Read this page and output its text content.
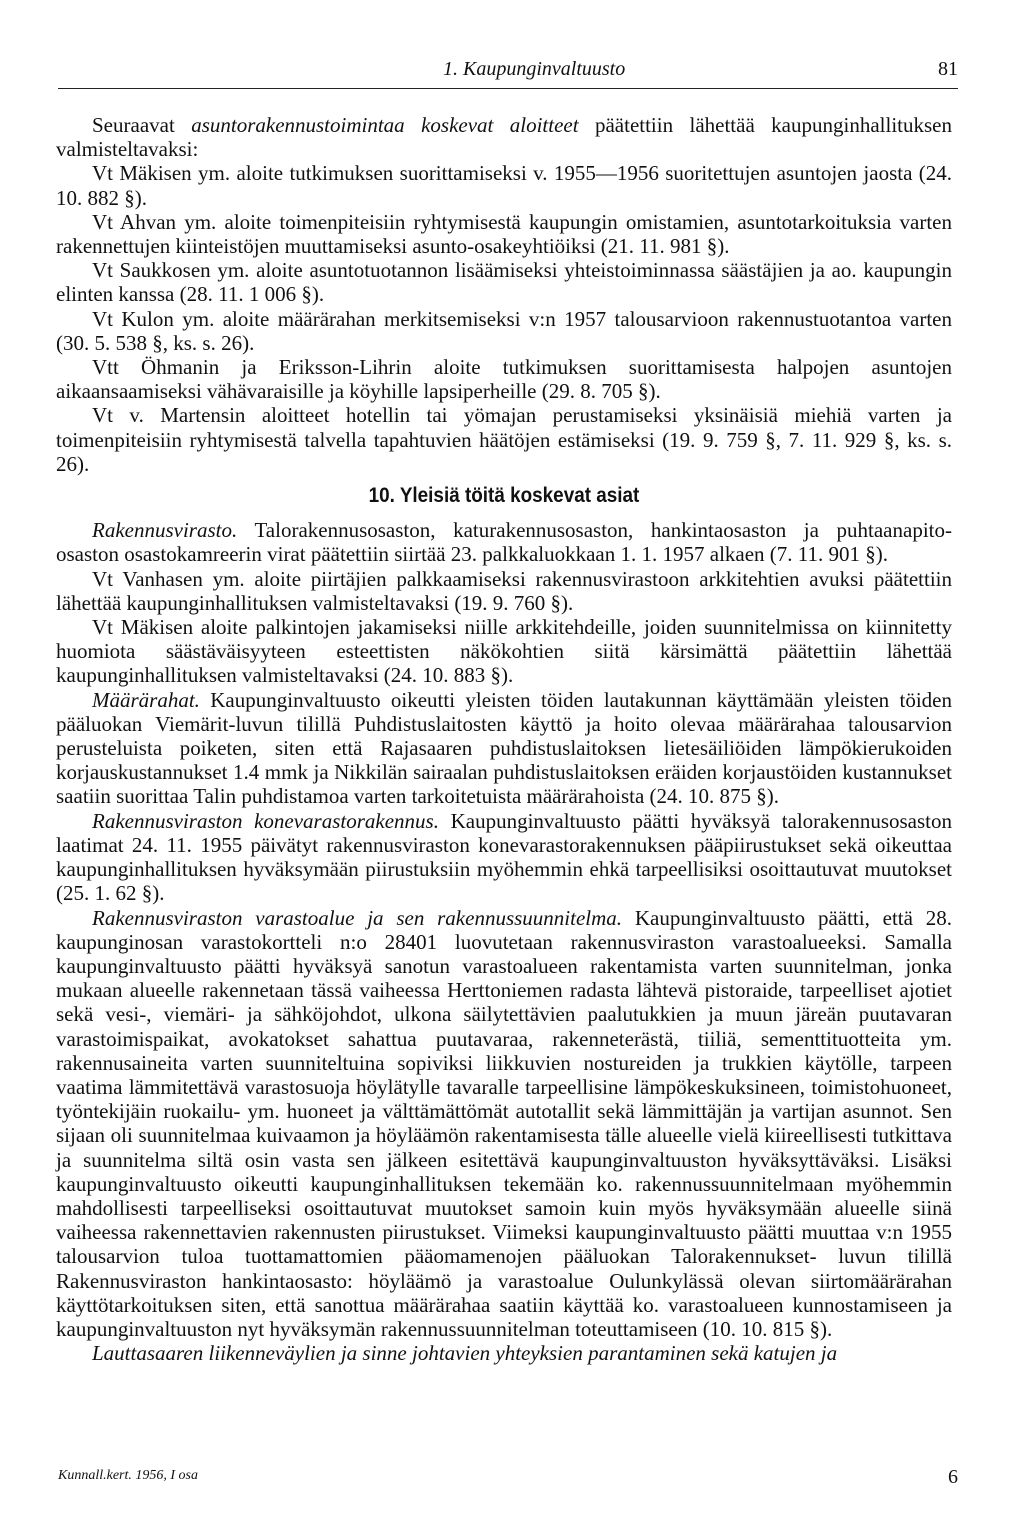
1. Kaupunginvaltuusto	81

Seuraavat asuntorakennustoimintaa koskevat aloitteet päätettiin lähettää kaupunginhallituksen valmisteltavaksi:

Vt Mäkisen ym. aloite tutkimuksen suorittamiseksi v. 1955—1956 suoritettujen asuntojen jaosta (24. 10. 882 §).

Vt Ahvan ym. aloite toimenpiteisiin ryhtymisestä kaupungin omistamien, asuntotarkoituksia varten rakennettujen kiinteistöjen muuttamiseksi asunto-osakeyhtiöiksi (21. 11. 981 §).

Vt Saukkosen ym. aloite asuntotuotannon lisäämiseksi yhteistoiminnassa säästäjien ja ao. kaupungin elinten kanssa (28. 11. 1 006 §).

Vt Kulon ym. aloite määrärahan merkitsemiseksi v:n 1957 talousarvioon rakennustuotantoa varten (30. 5. 538 §, ks. s. 26).

Vtt Öhmanin ja Eriksson-Lihrin aloite tutkimuksen suorittamisesta halpojen asuntojen aikaansaamiseksi vähävaraisille ja köyhille lapsiperheille (29. 8. 705 §).

Vt v. Martensin aloitteet hotellin tai yömajan perustamiseksi yksinäisiä miehiä varten ja toimenpiteisiin ryhtymisestä talvella tapahtuvien häätöjen estämiseksi (19. 9. 759 §, 7. 11. 929 §, ks. s. 26).

10. Yleisiä töitä koskevat asiat

Rakennusvirasto. Talorakennusosaston, katurakennusosaston, hankintaosaston ja puhtaanapito-osaston osastokamreerin virat päätettiin siirtää 23. palkkaluokkaan 1. 1. 1957 alkaen (7. 11. 901 §).

Vt Vanhasen ym. aloite piirtäjien palkkaamiseksi rakennusvirastoon arkkitehtien avuksi päätettiin lähettää kaupunginhallituksen valmisteltavaksi (19. 9. 760 §).

Vt Mäkisen aloite palkintojen jakamiseksi niille arkkitehdeille, joiden suunnitelmissa on kiinnitetty huomiota säästäväisyyteen esteettisten näkökohtien siitä kärsimättä päätettiin lähettää kaupunginhallituksen valmisteltavaksi (24. 10. 883 §).

Määrärahat. Kaupunginvaltuusto oikeutti yleisten töiden lautakunnan käyttämään yleisten töiden pääluokan Viemärit-luvun tilillä Puhdistuslaitosten käyttö ja hoito olevaa määrärahaa talousarvion perusteluista poiketen, siten että Rajasaaren puhdistuslaitoksen lietesäiliöiden lämpökierukoiden korjauskustannukset 1.4 mmk ja Nikkilän sairaalan puhdistuslaitoksen eräiden korjaustöiden kustannukset saatiin suorittaa Talin puhdistamoa varten tarkoitetuista määrärahoista (24. 10. 875 §).

Rakennusviraston konevarastorakennus. Kaupunginvaltuusto päätti hyväksyä talorakennusosaston laatimat 24. 11. 1955 päivätyt rakennusviraston konevarastorakennuksen pääpiirustukset sekä oikeuttaa kaupunginhallituksen hyväksymään piirustuksiin myöhemmin ehkä tarpeellisiksi osoittautuvat muutokset (25. 1. 62 §).

Rakennusviraston varastoalue ja sen rakennussuunnitelma. Kaupunginvaltuusto päätti, että 28. kaupunginosan varastokortteli n:o 28401 luovutetaan rakennusviraston varastoalueeksi. Samalla kaupunginvaltuusto päätti hyväksyä sanotun varastoalueen rakentamista varten suunnitelman, jonka mukaan alueelle rakennetaan tässä vaiheessa Herttoniemen radasta lähtevä pistoraide, tarpeelliset ajotiet sekä vesi-, viemäri- ja sähköjohdot, ulkona säilytettävien paalutukkien ja muun järeän puutavaran varastoimispaikat, avokatokset sahattua puutavaraa, rakenneterästä, tiiliä, sementtituotteita ym. rakennusaineita varten suunniteltuina sopiviksi liikkuvien nostureiden ja trukkien käytölle, tarpeen vaatima lämmitettävä varastosuoja höylätylle tavaralle tarpeellisine lämpökeskuksineen, toimistohuoneet, työntekijäin ruokailu- ym. huoneet ja välttämättömät autotallit sekä lämmittäjän ja vartijan asunnot. Sen sijaan oli suunnitelmaa kuivaamon ja höyläämön rakentamisesta tälle alueelle vielä kiireellisesti tutkittava ja suunnitelma siltä osin vasta sen jälkeen esitettävä kaupunginvaltuuston hyväksyttäväksi. Lisäksi kaupunginvaltuusto oikeutti kaupunginhallituksen tekemään ko. rakennussuunnitelmaan myöhemmin mahdollisesti tarpeelliseksi osoittautuvat muutokset samoin kuin myös hyväksymään alueelle siinä vaiheessa rakennettavien rakennusten piirustukset. Viimeksi kaupunginvaltuusto päätti muuttaa v:n 1955 talousarvion tuloa tuottamattomien pääomamenojen pääluokan Talorakennukset- luvun tilillä Rakennusviraston hankintaosasto: höyläämö ja varastoalue Oulunkylässä olevan siirtomäärärahan käyttötarkoituksen siten, että sanottua määrärahaa saatiin käyttää ko. varastoalueen kunnostamiseen ja kaupunginvaltuuston nyt hyväksymän rakennussuunnitelman toteuttamiseen (10. 10. 815 §).

Lauttasaaren liikenneväylien ja sinne johtavien yhteyksien parantaminen sekä katujen ja

Kunnall.kert. 1956, I osa	6
